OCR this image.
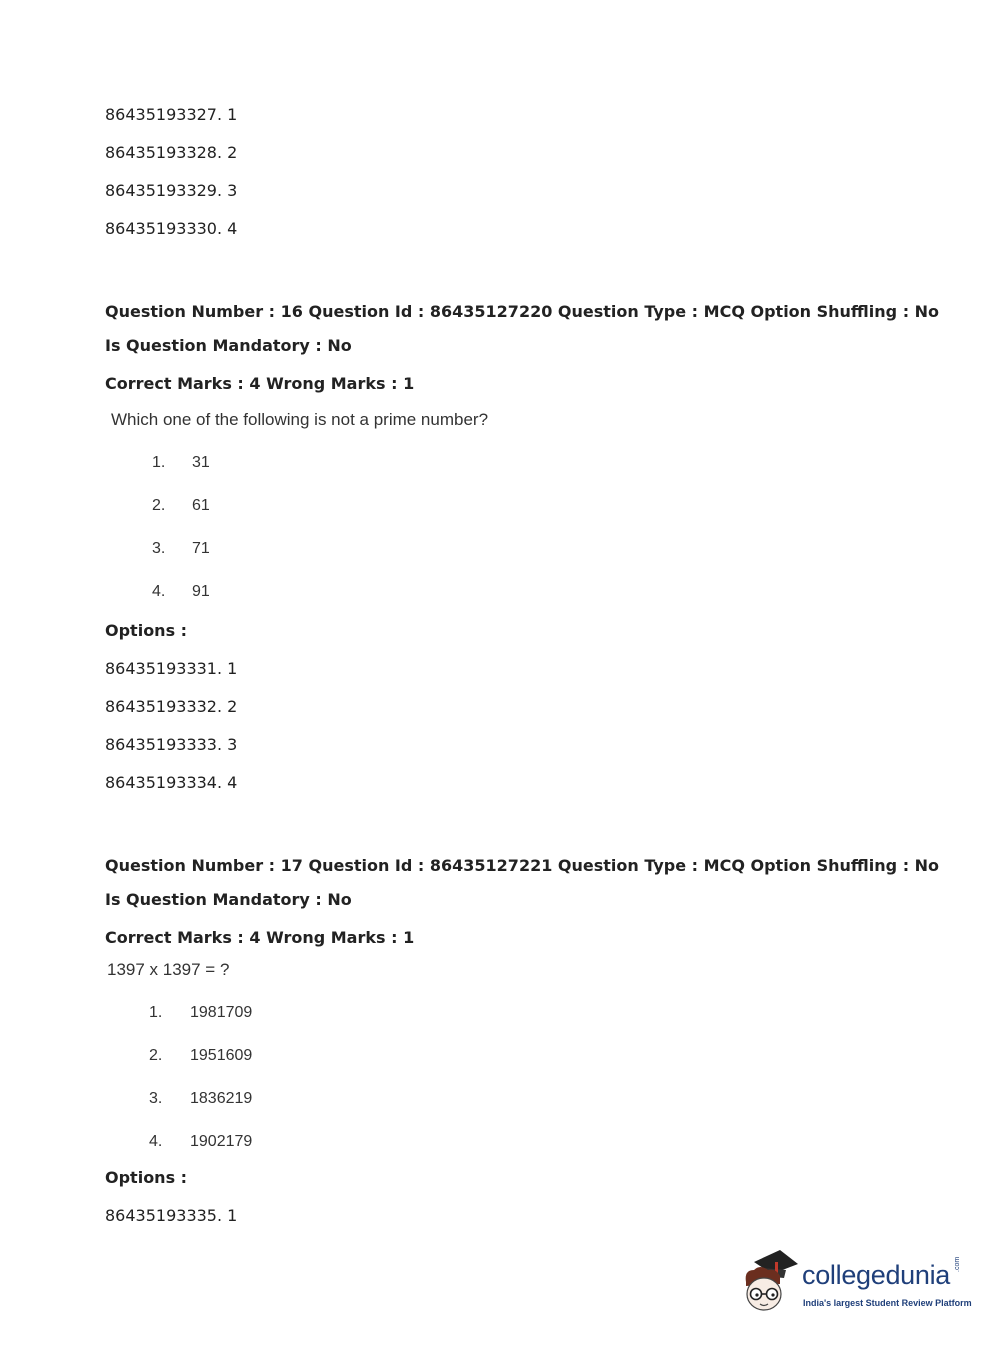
86435193327. 1
86435193328. 2
86435193329. 3
86435193330. 4
Question Number : 16 Question Id : 86435127220 Question Type : MCQ Option Shuffling : No
Is Question Mandatory : No
Correct Marks : 4 Wrong Marks : 1
Which one of the following is not a prime number?
1. 31
2. 61
3. 71
4. 91
Options :
86435193331. 1
86435193332. 2
86435193333. 3
86435193334. 4
Question Number : 17 Question Id : 86435127221 Question Type : MCQ Option Shuffling : No
Is Question Mandatory : No
Correct Marks : 4 Wrong Marks : 1
1397 x 1397 = ?
1. 1981709
2. 1951609
3. 1836219
4. 1902179
Options :
86435193335. 1
collegedunia .com
India's largest Student Review Platform
